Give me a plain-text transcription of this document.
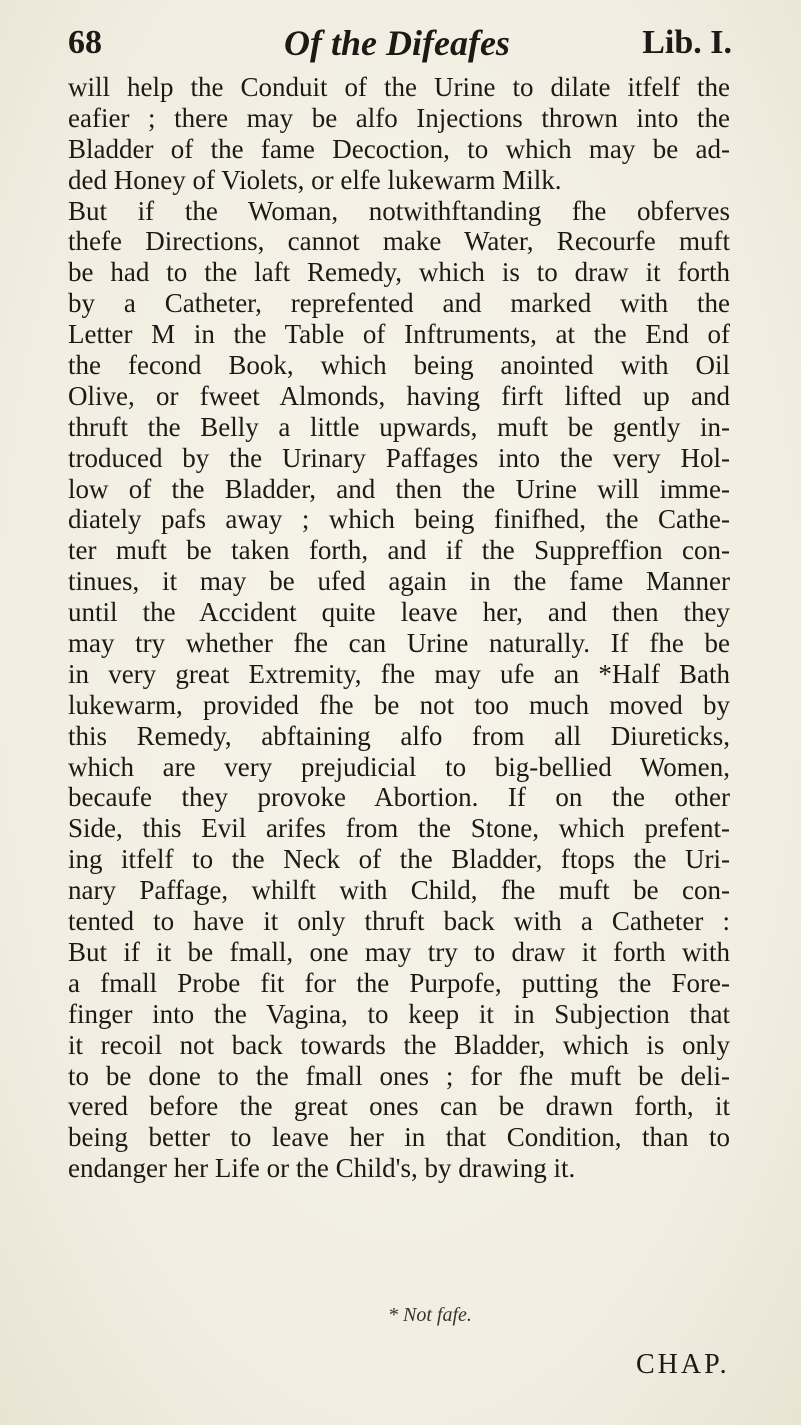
68	Of the Difeafes	Lib. I.
will help the Conduit of the Urine to dilate itfelf the
eafier ; there may be alfo Injections thrown into the
Bladder of the fame Decoction, to which may be ad-
ded Honey of Violets, or elfe lukewarm Milk.
But if the Woman, notwithftanding fhe obferves
thefe Directions, cannot make Water, Recourfe muft
be had to the laft Remedy, which is to draw it forth
by a Catheter, reprefented and marked with the
Letter M in the Table of Inftruments, at the End of
the fecond Book, which being anointed with Oil
Olive, or fweet Almonds, having firft lifted up and
thruft the Belly a little upwards, muft be gently in-
troduced by the Urinary Paffages into the very Hol-
low of the Bladder, and then the Urine will imme-
diately pafs away ; which being finifhed, the Cathe-
ter muft be taken forth, and if the Suppreffion con-
tinues, it may be ufed again in the fame Manner
until the Accident quite leave her, and then they
may try whether fhe can Urine naturally. If fhe be
in very great Extremity, fhe may ufe an *Half Bath
lukewarm, provided fhe be not too much moved by
this Remedy, abftaining alfo from all Diureticks,
which are very prejudicial to big-bellied Women,
becaufe they provoke Abortion. If on the other
Side, this Evil arifes from the Stone, which prefent-
ing itfelf to the Neck of the Bladder, ftops the Uri-
nary Paffage, whilft with Child, fhe muft be con-
tented to have it only thruft back with a Catheter :
But if it be fmall, one may try to draw it forth with
a fmall Probe fit for the Purpofe, putting the Fore-
finger into the Vagina, to keep it in Subjection that
it recoil not back towards the Bladder, which is only
to be done to the fmall ones ; for fhe muft be deli-
vered before the great ones can be drawn forth, it
being better to leave her in that Condition, than to
endanger her Life or the Child's, by drawing it.
* Not fafe.
CHAP.
